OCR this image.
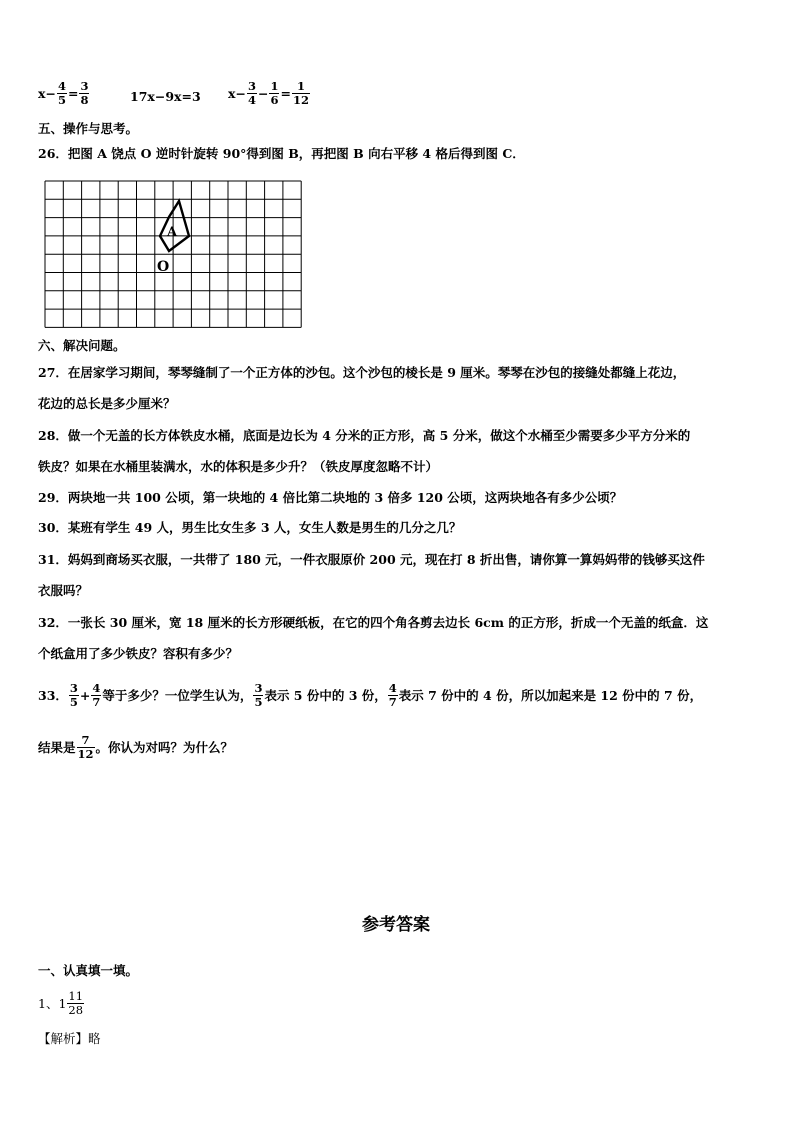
$x- \frac{4}{5} = \frac{3}{8}$	17x−9x=3 $x- \frac{3}{4} - \frac{1}{6} = \frac{1}{12}$
五、操作与思考。
26．把图 A 饶点 O 逆时针旋转 90°得到图 B，再把图 B 向右平移 4 格后得到图 C．
A
O
六、解决问题。
27．在居家学习期间，琴琴缝制了一个正方体的沙包。这个沙包的棱长是 9 厘米。琴琴在沙包的接缝处都缝上花边，
花边的总长是多少厘米？
28．做一个无盖的长方体铁皮水桶，底面是边长为 4 分米的正方形，高 5 分米，做这个水桶至少需要多少平方分米的
铁皮？如果在水桶里装满水，水的体积是多少升？（铁皮厚度忽略不计）
29．两块地一共 100 公顷，第一块地的 4 倍比第二块地的 3 倍多 120 公顷，这两块地各有多少公顷？
30．某班有学生 49 人，男生比女生多 3 人，女生人数是男生的几分之几？
31．妈妈到商场买衣服，一共带了 180 元，一件衣服原价 200 元，现在打 8 折出售，请你算一算妈妈带的钱够买这件
衣服吗？
32．一张长 30 厘米，宽 18 厘米的长方形硬纸板，在它的四个角各剪去边长 6cm 的正方形，折成一个无盖的纸盒．这
个纸盒用了多少铁皮？容积有多少？
33． $\frac{3}{5} + \frac{4}{7}$ 等于多少？一位学生认为， $\frac{3}{5}$ 表示 5 份中的 3 份， $\frac{4}{7}$ 表示 7 份中的 4 份，所以加起来是 12 份中的 7 份，
结果是 $\frac{7}{12}$ 。你认为对吗？为什么？
参考答案
一、认真填一填。
1、$1 \frac{11}{28}$
【解析】略
